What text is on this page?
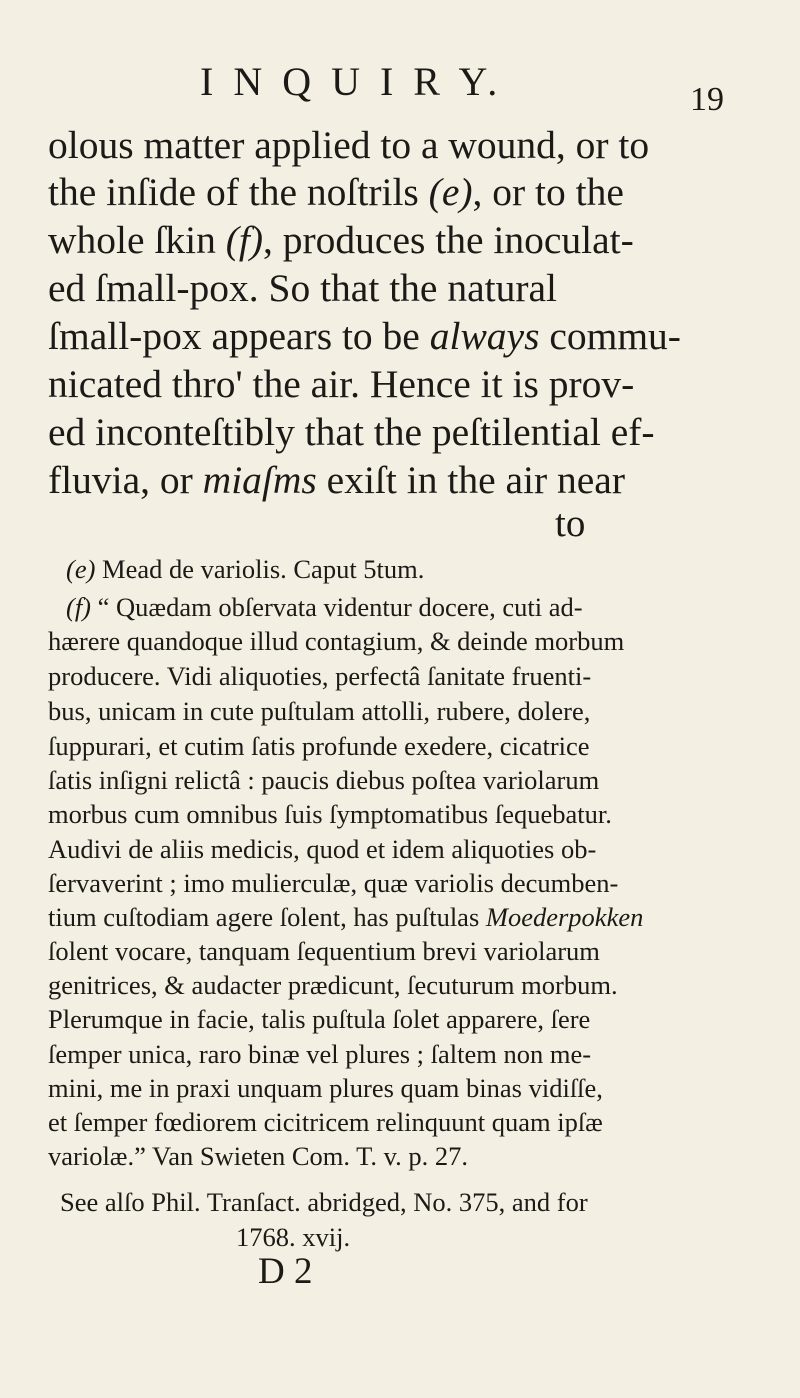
I N Q U I R Y.	19
olous matter applied to a wound, or to
the inſide of the noſtrils (e), or to the
whole ſkin (f), produces the inoculat-
ed ſmall-pox. So that the natural
ſmall-pox appears to be always commu-
nicated thro' the air. Hence it is prov-
ed inconteſtibly that the peſtilential ef-
fluvia, or miaſms exiſt in the air near
to
(e) Mead de variolis. Caput 5tum.
(f) “ Quædam obſervata videntur docere, cuti ad-
hærere quandoque illud contagium, & deinde morbum
producere. Vidi aliquoties, perfectâ ſanitate fruenti-
bus, unicam in cute puſtulam attolli, rubere, dolere,
ſuppurari, et cutim ſatis profunde exedere, cicatrice
ſatis inſigni relictâ : paucis diebus poſtea variolarum
morbus cum omnibus ſuis ſymptomatibus ſequebatur.
Audivi de aliis medicis, quod et idem aliquoties ob-
ſervaverint ; imo mulierculæ, quæ variolis decumben-
tium cuſtodiam agere ſolent, has puſtulas Moederpokken
ſolent vocare, tanquam ſequentium brevi variolarum
genitrices, & audacter prædicunt, ſecuturum morbum.
Plerumque in facie, talis puſtula ſolet apparere, ſere
ſemper unica, raro binæ vel plures ; ſaltem non me-
mini, me in praxi unquam plures quam binas vidiſſe,
et ſemper fœdiorem cicitricem relinquunt quam ipſæ
variolæ.” Van Swieten Com. T. v. p. 27.
See alſo Phil. Tranſact. abridged, No. 375, and for
1768. xvij.
D 2
